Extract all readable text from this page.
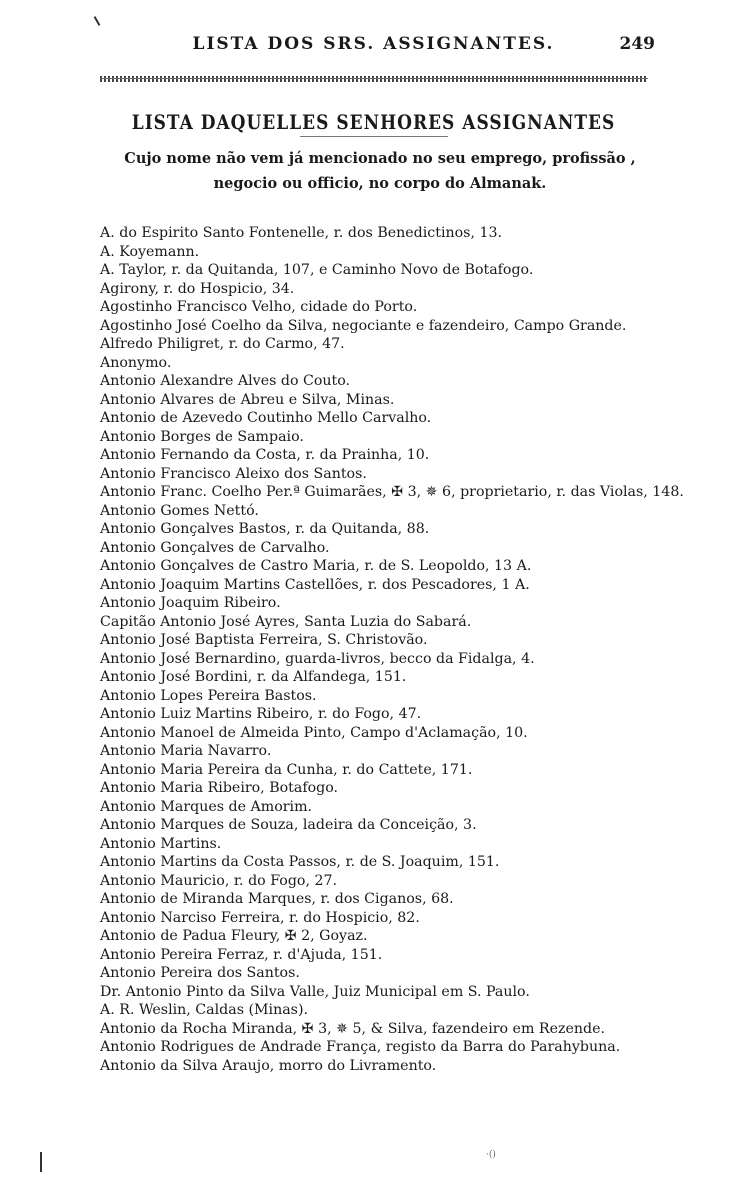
LISTA DOS SRS. ASSIGNANTES.	249
LISTA DAQUELLES SENHORES ASSIGNANTES
Cujo nome não vem já mencionado no seu emprego, profissão ,
negocio ou officio, no corpo do Almanak.
A. do Espirito Santo Fontenelle, r. dos Benedictinos, 13.
A. Koyemann.
A. Taylor, r. da Quitanda, 107, e Caminho Novo de Botafogo.
Agirony, r. do Hospicio, 34.
Agostinho Francisco Velho, cidade do Porto.
Agostinho José Coelho da Silva, negociante e fazendeiro, Campo Grande.
Alfredo Philigret, r. do Carmo, 47.
Anonymo.
Antonio Alexandre Alves do Couto.
Antonio Alvares de Abreu e Silva, Minas.
Antonio de Azevedo Coutinho Mello Carvalho.
Antonio Borges de Sampaio.
Antonio Fernando da Costa, r. da Prainha, 10.
Antonio Francisco Aleixo dos Santos.
Antonio Franc. Coelho Per.ª Guimarães, ✠ 3, ✵ 6, proprietario, r. das Violas, 148.
Antonio Gomes Nettó.
Antonio Gonçalves Bastos, r. da Quitanda, 88.
Antonio Gonçalves de Carvalho.
Antonio Gonçalves de Castro Maria, r. de S. Leopoldo, 13 A.
Antonio Joaquim Martins Castellões, r. dos Pescadores, 1 A.
Antonio Joaquim Ribeiro.
Capitão Antonio José Ayres, Santa Luzia do Sabará.
Antonio José Baptista Ferreira, S. Christovão.
Antonio José Bernardino, guarda-livros, becco da Fidalga, 4.
Antonio José Bordini, r. da Alfandega, 151.
Antonio Lopes Pereira Bastos.
Antonio Luiz Martins Ribeiro, r. do Fogo, 47.
Antonio Manoel de Almeida Pinto, Campo d'Aclamação, 10.
Antonio Maria Navarro.
Antonio Maria Pereira da Cunha, r. do Cattete, 171.
Antonio Maria Ribeiro, Botafogo.
Antonio Marques de Amorim.
Antonio Marques de Souza, ladeira da Conceição, 3.
Antonio Martins.
Antonio Martins da Costa Passos, r. de S. Joaquim, 151.
Antonio Mauricio, r. do Fogo, 27.
Antonio de Miranda Marques, r. dos Ciganos, 68.
Antonio Narciso Ferreira, r. do Hospicio, 82.
Antonio de Padua Fleury, ✠ 2, Goyaz.
Antonio Pereira Ferraz, r. d'Ajuda, 151.
Antonio Pereira dos Santos.
Dr. Antonio Pinto da Silva Valle, Juiz Municipal em S. Paulo.
A. R. Weslin, Caldas (Minas).
Antonio da Rocha Miranda, ✠ 3, ✵ 5, & Silva, fazendeiro em Rezende.
Antonio Rodrigues de Andrade França, registo da Barra do Parahybuna.
Antonio da Silva Araujo, morro do Livramento.
·()
